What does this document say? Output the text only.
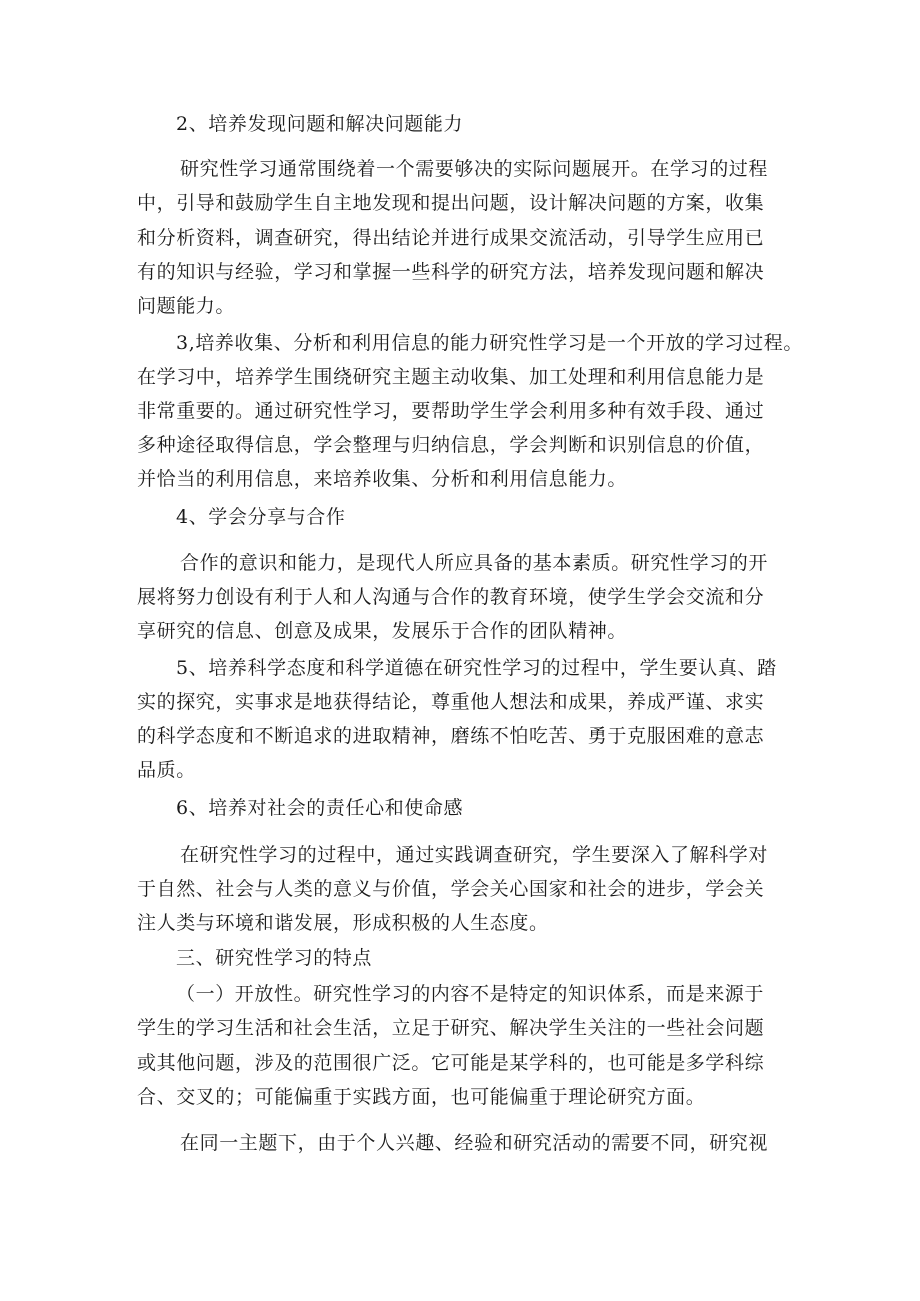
2、培养发现问题和解决问题能力

研究性学习通常围绕着一个需要够决的实际问题展开。在学习的过程

中，引导和鼓励学生自主地发现和提出问题，设计解决问题的方案，收集

和分析资料，调查研究，得出结论并进行成果交流活动，引导学生应用已

有的知识与经验，学习和掌握一些科学的研究方法，培养发现问题和解决

问题能力。

3,培养收集、分析和利用信息的能力研究性学习是一个开放的学习过程。

在学习中，培养学生围绕研究主题主动收集、加工处理和利用信息能力是

非常重要的。通过研究性学习，要帮助学生学会利用多种有效手段、通过

多种途径取得信息，学会整理与归纳信息，学会判断和识别信息的价值，

并恰当的利用信息，来培养收集、分析和利用信息能力。

4、学会分享与合作

合作的意识和能力，是现代人所应具备的基本素质。研究性学习的开

展将努力创设有利于人和人沟通与合作的教育环境，使学生学会交流和分

享研究的信息、创意及成果，发展乐于合作的团队精神。

5、培养科学态度和科学道德在研究性学习的过程中，学生要认真、踏

实的探究，实事求是地获得结论，尊重他人想法和成果，养成严谨、求实

的科学态度和不断追求的进取精神，磨练不怕吃苦、勇于克服困难的意志

品质。

6、培养对社会的责任心和使命感

在研究性学习的过程中，通过实践调查研究，学生要深入了解科学对

于自然、社会与人类的意义与价值，学会关心国家和社会的进步，学会关

注人类与环境和谐发展，形成积极的人生态度。

三、研究性学习的特点

（一）开放性。研究性学习的内容不是特定的知识体系，而是来源于

学生的学习生活和社会生活，立足于研究、解决学生关注的一些社会问题

或其他问题，涉及的范围很广泛。它可能是某学科的，也可能是多学科综

合、交叉的；可能偏重于实践方面，也可能偏重于理论研究方面。

在同一主题下，由于个人兴趣、经验和研究活动的需要不同，研究视
